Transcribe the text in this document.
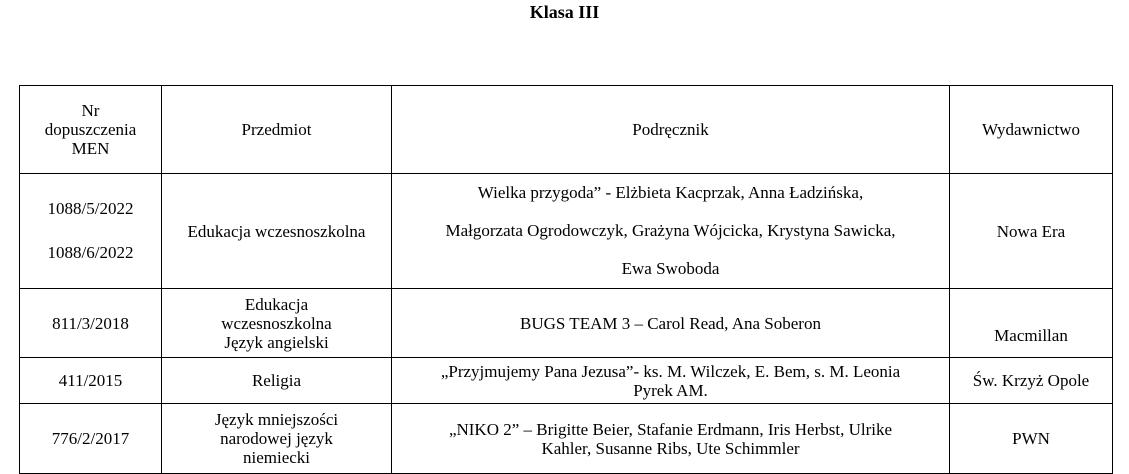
Klasa III
Nr
dopuszczenia
MEN	Przedmiot	Podręcznik	Wydawnictwo

1088/5/2022
1088/6/2022	Edukacja wczesnoszkolna	Wielka przygoda” - Elżbieta Kacprzak, Anna Ładzińska,
Małgorzata Ogrodowczyk, Grażyna Wójcicka, Krystyna Sawicka,
Ewa Swoboda	Nowa Era

811/3/2018	Edukacja
wczesnoszkolna
Język angielski	BUGS TEAM 3 – Carol Read, Ana Soberon	Macmillan

411/2015	Religia	„Przyjmujemy Pana Jezusa”- ks. M. Wilczek, E. Bem, s. M. Leonia
Pyrek AM.	Św. Krzyż Opole

776/2/2017	Język mniejszości
narodowej język
niemiecki	„NIKO 2” – Brigitte Beier, Stafanie Erdmann, Iris Herbst, Ulrike
Kahler, Susanne Ribs, Ute Schimmler	PWN
